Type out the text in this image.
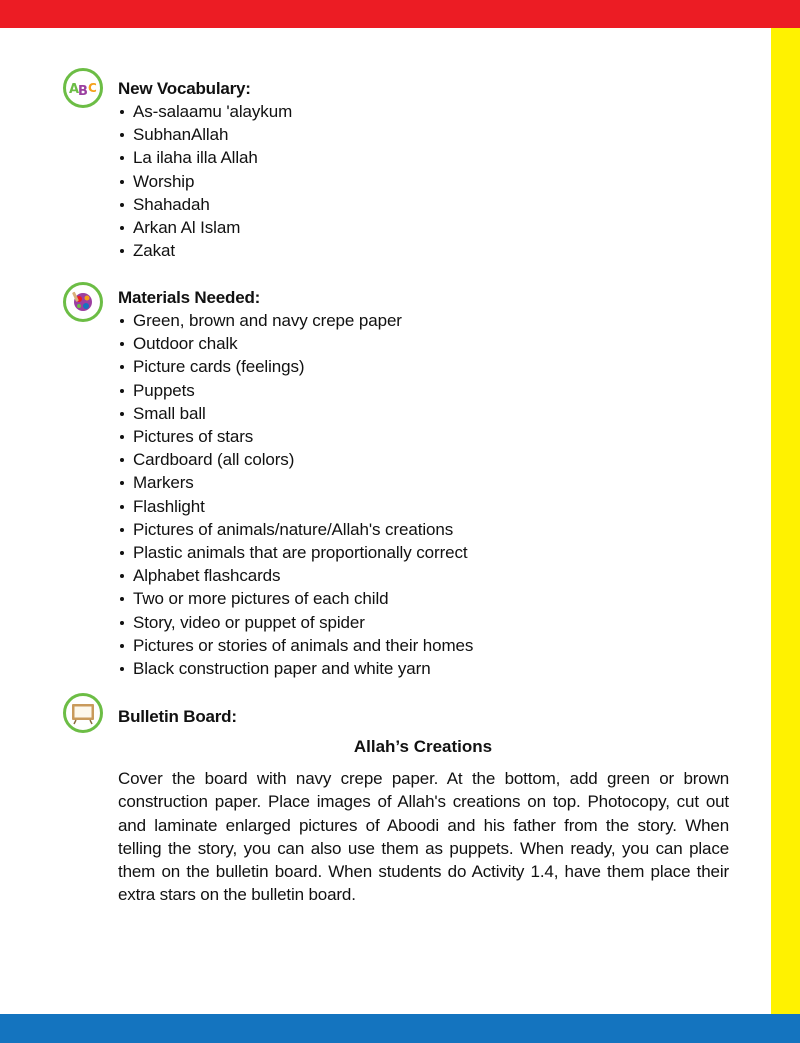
A
B C New Vocabulary:
As-salaamu 'alaykum
SubhanAllah
La ilaha illa Allah
Worship
Shahadah
Arkan Al Islam
Zakat
Materials Needed:
Green, brown and navy crepe paper
Outdoor chalk
Picture cards (feelings)
Puppets
Small ball
Pictures of stars
Cardboard (all colors)
Markers
Flashlight
Pictures of animals/nature/Allah's creations
Plastic animals that are proportionally correct
Alphabet flashcards
Two or more pictures of each child
Story, video or puppet of spider
Pictures or stories of animals and their homes
Black construction paper and white yarn
Bulletin Board:
Allah’s Creations
Cover the board with navy crepe paper. At the bottom, add green or brown construction paper. Place images of Allah's creations on top. Photocopy, cut out and laminate enlarged pictures of Aboodi and his father from the story. When telling the story, you can also use them as puppets. When ready, you can place them on the bulletin board. When students do Activity 1.4, have them place their extra stars on the bulletin board.
